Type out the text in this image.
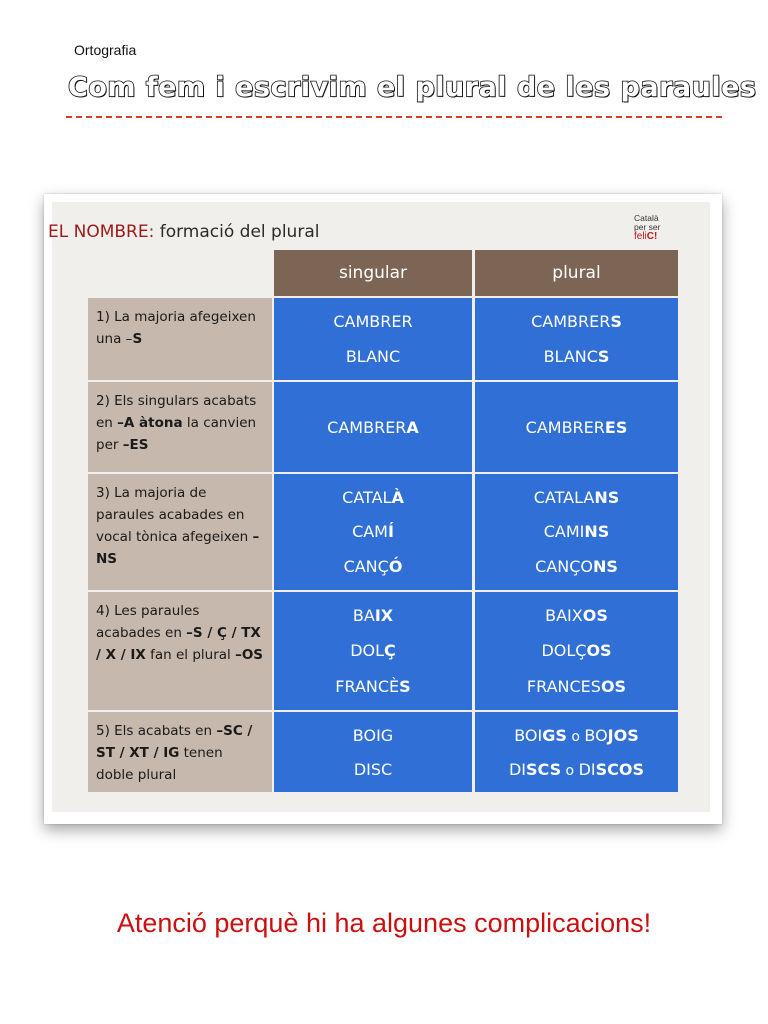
Ortografia
Com fem i escrivim el plural de les paraules
EL NOMBRE: formació del plural
Català
per ser
feliC!
singular	plural
1) La majoria afegeixen una –S
CAMBRER
BLANC
CAMBRERS
BLANCS
2) Els singulars acabats en –A àtona la canvien per –ES
CAMBRERA	CAMBRERES
3) La majoria de paraules acabades en vocal tònica afegeixen –NS
CATALÀ
CAMÍ
CANÇÓ
CATALANS
CAMINS
CANÇONS
4) Les paraules acabades en –S / Ç / TX / X / IX fan el plural –OS
BAIX
DOLÇ
FRANCÈS
BAIXOS
DOLÇOS
FRANCESOS
5) Els acabats en –SC / ST / XT / IG tenen doble plural
BOIG
DISC
BOIGS o BOJOS
DISCS o DISCOS
Atenció perquè hi ha algunes complicacions!
